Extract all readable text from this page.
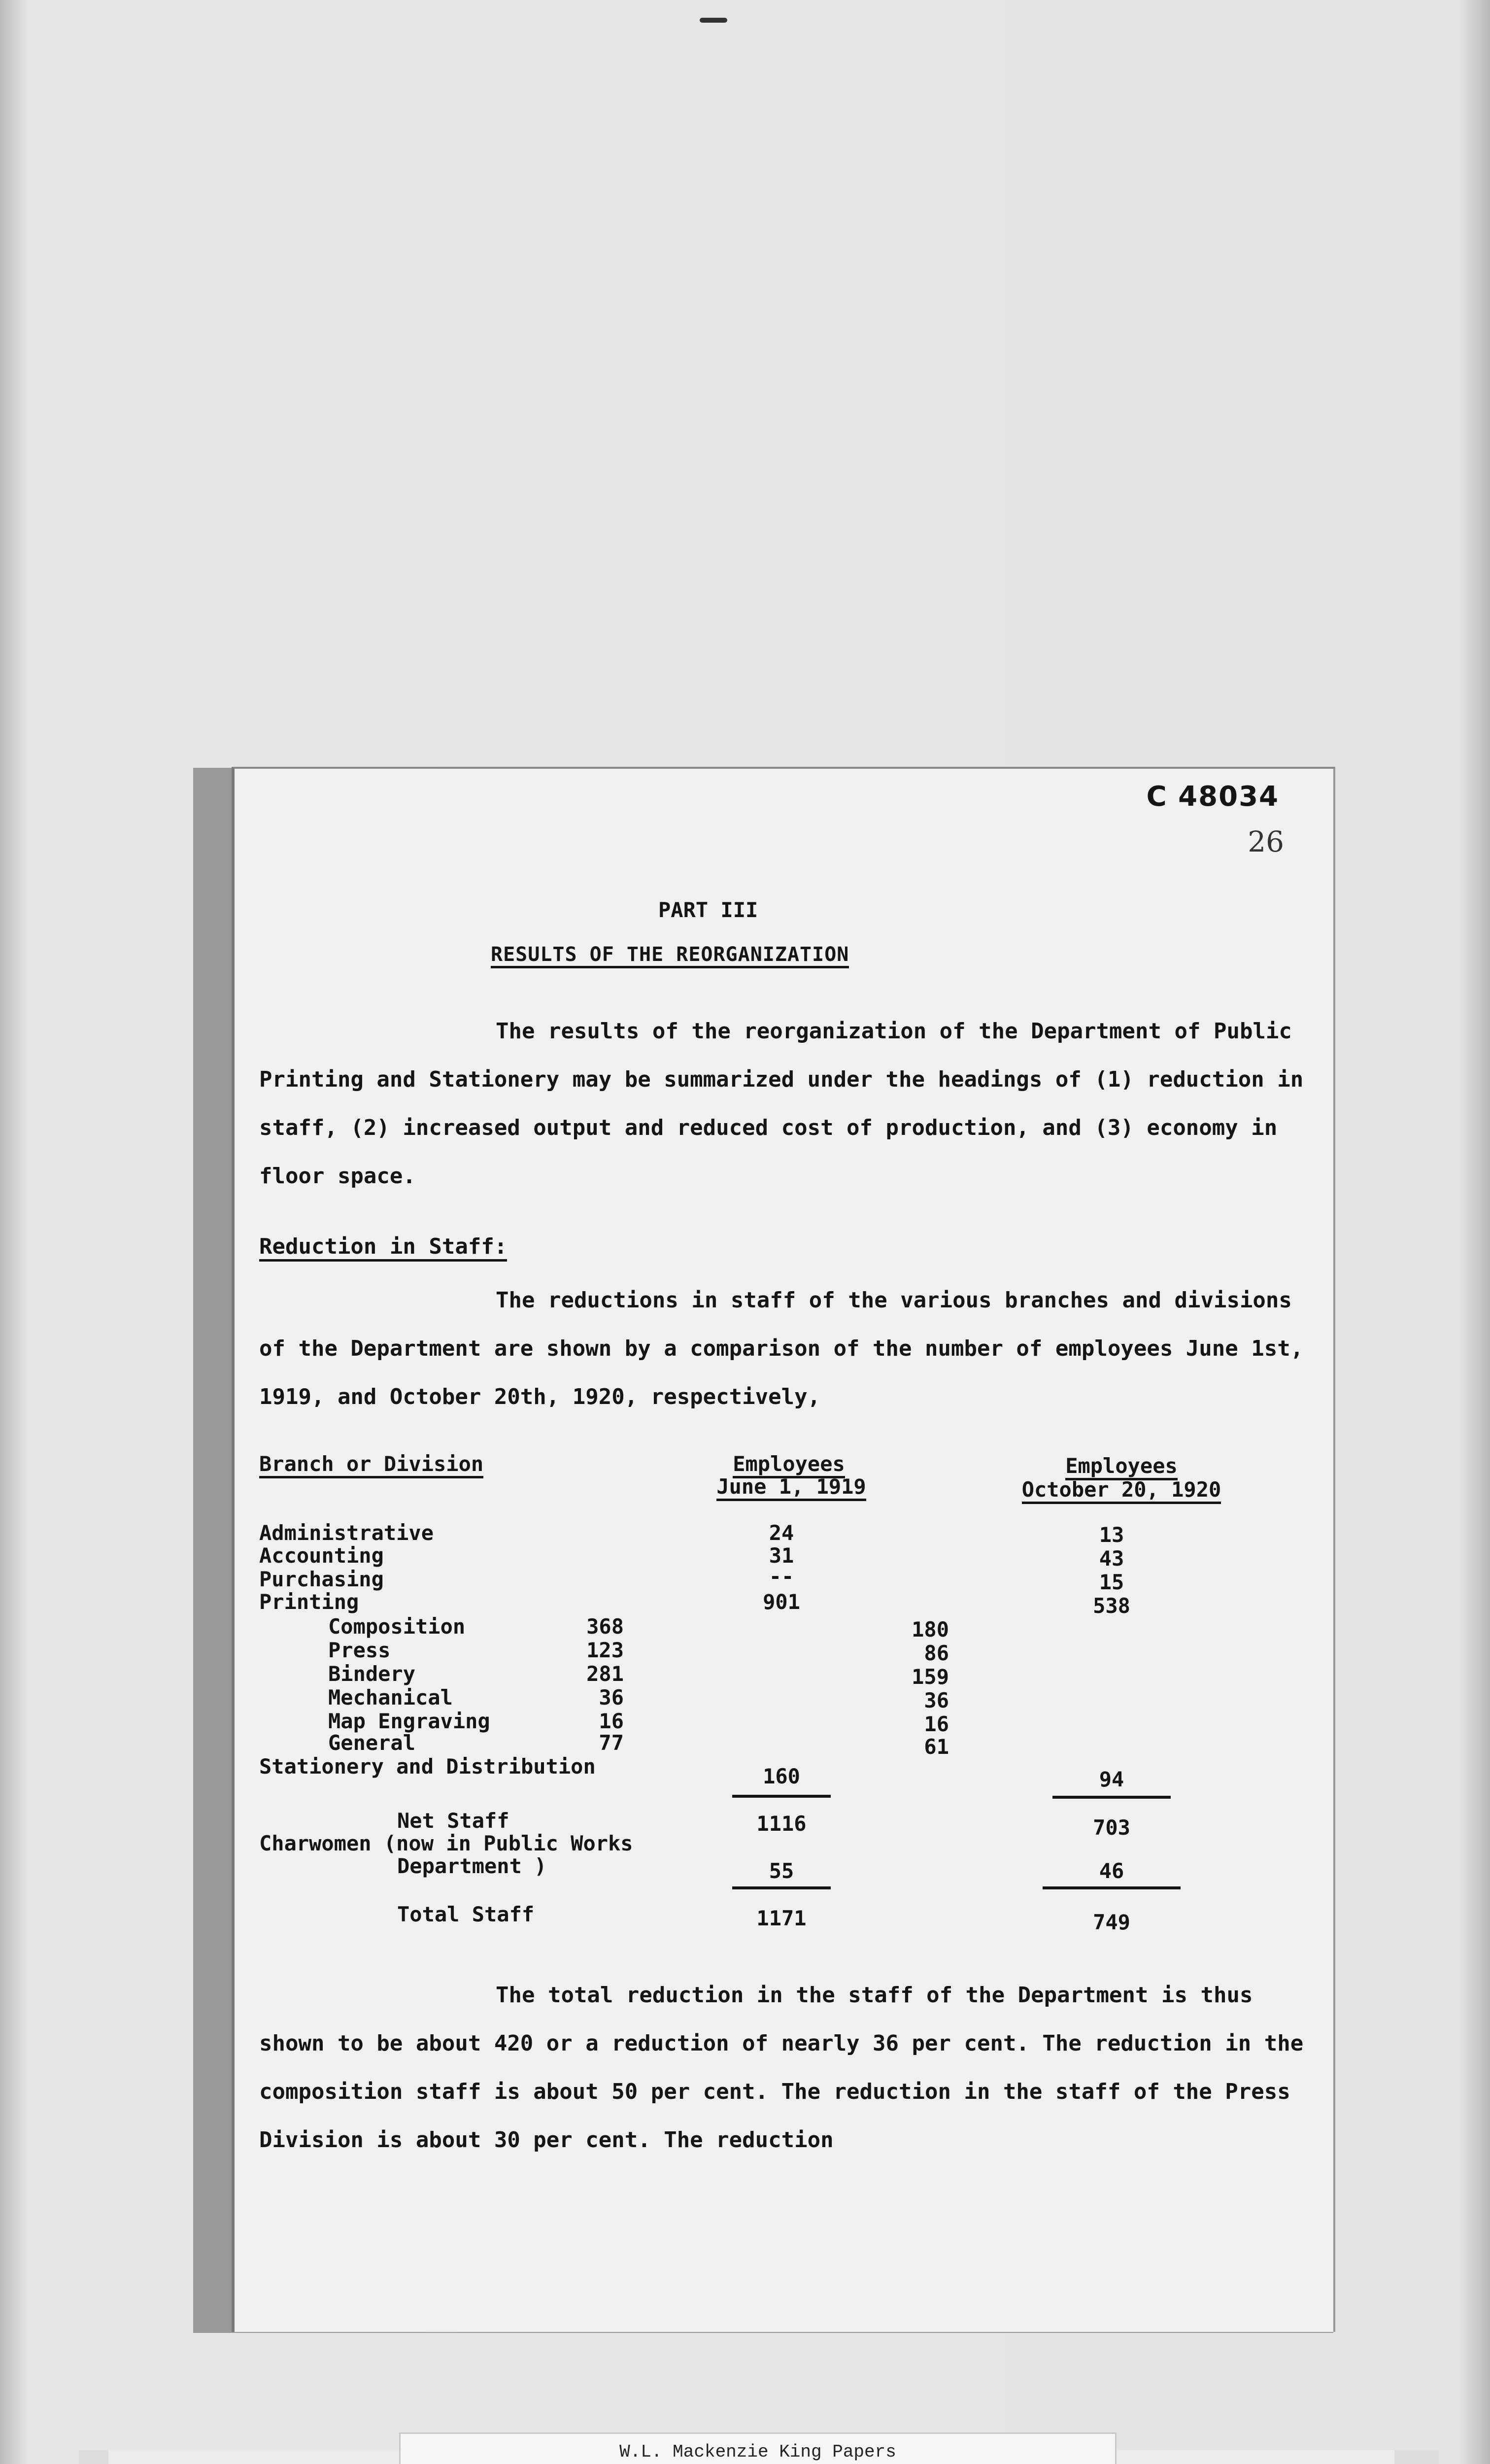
C 48034
26
PART III
RESULTS OF THE REORGANIZATION
The results of the reorganization of the Department of Public Printing and Stationery may be summarized under the headings of (1) reduction in staff, (2) increased output and reduced cost of production, and (3) economy in floor space.
Reduction in Staff:
The reductions in staff of the various branches and divisions of the Department are shown by a comparison of the number of employees June 1st, 1919, and October 20th, 1920, respectively,
Branch or Division	Employees
June 1, 1919
Employees
October 20, 1920
Administrative	24	13
Accounting	31	43
Purchasing	--	15
Printing	901	538
Composition	368	180
Press	123	86
Bindery	281	159
Mechanical	36	36
Map Engraving	16	16
General	77	61
Stationery and Distribution	160	94
Net Staff	1116	703
Charwomen (now in Public Works
Department )	55	46
Total Staff	1171	749
The total reduction in the staff of the Department is thus shown to be about 420 or a reduction of nearly 36 per cent. The reduction in the composition staff is about 50 per cent. The reduction in the staff of the Press Division is about 30 per cent. The reduction
W.L. Mackenzie King Papers
